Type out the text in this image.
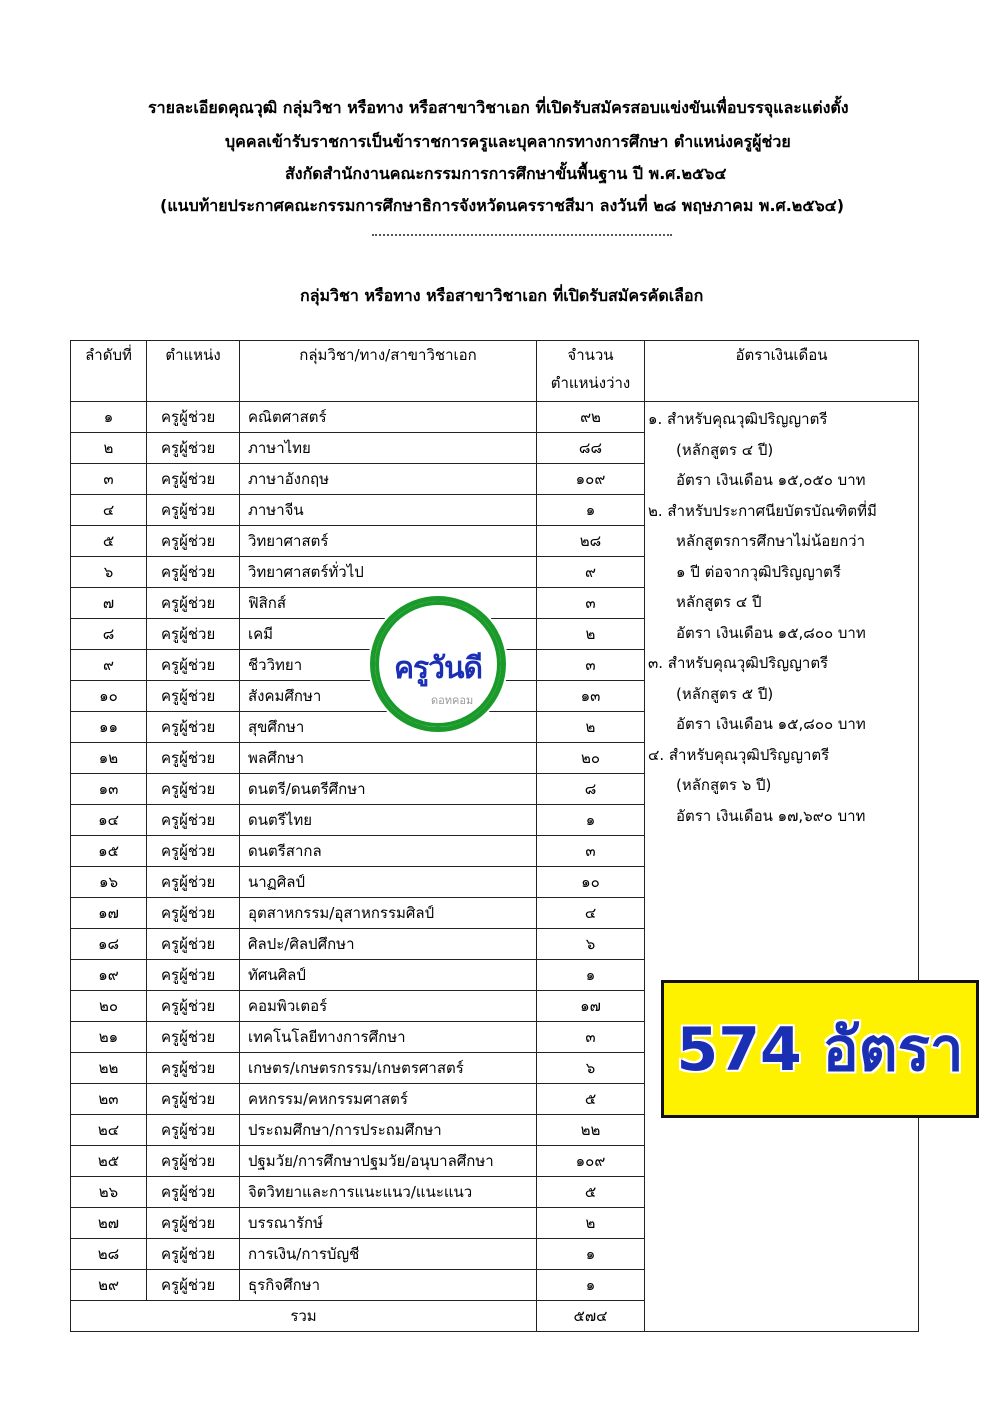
รายละเอียดคุณวุฒิ กลุ่มวิชา หรือทาง หรือสาขาวิชาเอก ที่เปิดรับสมัครสอบแข่งขันเพื่อบรรจุและแต่งตั้ง
บุคคลเข้ารับราชการเป็นข้าราชการครูและบุคลากรทางการศึกษา ตำแหน่งครูผู้ช่วย
สังกัดสำนักงานคณะกรรมการการศึกษาขั้นพื้นฐาน ปี พ.ศ.๒๕๖๔
(แนบท้ายประกาศคณะกรรมการศึกษาธิการจังหวัดนครราชสีมา ลงวันที่ ๒๘ พฤษภาคม พ.ศ.๒๕๖๔)
กลุ่มวิชา หรือทาง หรือสาขาวิชาเอก ที่เปิดรับสมัครคัดเลือก
ลำดับที่	ตำแหน่ง	กลุ่มวิชา/ทาง/สาขาวิชาเอก	จำนวน
ตำแหน่งว่าง	อัตราเงินเดือน
๑	ครูผู้ช่วย	คณิตศาสตร์	๙๒	
๒	ครูผู้ช่วย	ภาษาไทย	๘๘	
๓	ครูผู้ช่วย	ภาษาอังกฤษ	๑๐๙	
๔	ครูผู้ช่วย	ภาษาจีน	๑	
๕	ครูผู้ช่วย	วิทยาศาสตร์	๒๘	
๖	ครูผู้ช่วย	วิทยาศาสตร์ทั่วไป	๙	
๗	ครูผู้ช่วย	ฟิสิกส์	๓	
๘	ครูผู้ช่วย	เคมี	๒	
๙	ครูผู้ช่วย	ชีววิทยา	๓	
๑๐	ครูผู้ช่วย	สังคมศึกษา	๑๓	
๑๑	ครูผู้ช่วย	สุขศึกษา	๒	
๑๒	ครูผู้ช่วย	พลศึกษา	๒๐	
๑๓	ครูผู้ช่วย	ดนตรี/ดนตรีศึกษา	๘	
๑๔	ครูผู้ช่วย	ดนตรีไทย	๑	
๑๕	ครูผู้ช่วย	ดนตรีสากล	๓	
๑๖	ครูผู้ช่วย	นาฏศิลป์	๑๐	
๑๗	ครูผู้ช่วย	อุตสาหกรรม/อุสาหกรรมศิลป์	๔	
๑๘	ครูผู้ช่วย	ศิลปะ/ศิลปศึกษา	๖	
๑๙	ครูผู้ช่วย	ทัศนศิลป์	๑	
๒๐	ครูผู้ช่วย	คอมพิวเตอร์	๑๗	
๒๑	ครูผู้ช่วย	เทคโนโลยีทางการศึกษา	๓	
๒๒	ครูผู้ช่วย	เกษตร/เกษตรกรรม/เกษตรศาสตร์	๖	
๒๓	ครูผู้ช่วย	คหกรรม/คหกรรมศาสตร์	๕	
๒๔	ครูผู้ช่วย	ประถมศึกษา/การประถมศึกษา	๒๒	
๒๕	ครูผู้ช่วย	ปฐมวัย/การศึกษาปฐมวัย/อนุบาลศึกษา	๑๐๙	
๒๖	ครูผู้ช่วย	จิตวิทยาและการแนะแนว/แนะแนว	๕	
๒๗	ครูผู้ช่วย	บรรณารักษ์	๒	
๒๘	ครูผู้ช่วย	การเงิน/การบัญชี	๑	
๒๙	ครูผู้ช่วย	ธุรกิจศึกษา	๑	
รวม			๕๗๔	
๑. สำหรับคุณวุฒิปริญญาตรี
(หลักสูตร ๔ ปี)
อัตรา เงินเดือน ๑๕,๐๕๐ บาท
๒. สำหรับประกาศนียบัตรบัณฑิตที่มี
หลักสูตรการศึกษาไม่น้อยกว่า
๑ ปี ต่อจากวุฒิปริญญาตรี
หลักสูตร ๔ ปี
อัตรา เงินเดือน ๑๕,๘๐๐ บาท
๓. สำหรับคุณวุฒิปริญญาตรี
(หลักสูตร ๕ ปี)
อัตรา เงินเดือน ๑๕,๘๐๐ บาท
๔. สำหรับคุณวุฒิปริญญาตรี
(หลักสูตร ๖ ปี)
อัตรา เงินเดือน ๑๗,๖๙๐ บาท
ครูวันดี
ดอทคอม
574 อัตรา
